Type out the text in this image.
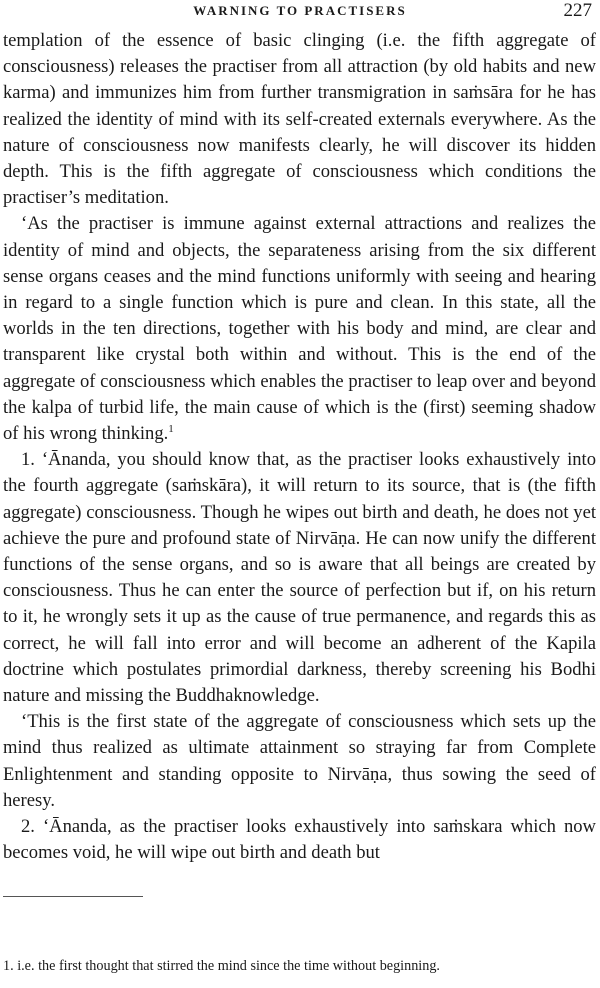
WARNING TO PRACTISERS	227

templation of the essence of basic clinging (i.e. the fifth aggregate of consciousness) releases the practiser from all attraction (by old habits and new karma) and immunizes him from further transmigration in saṁsāra for he has realized the identity of mind with its self-created externals everywhere. As the nature of consciousness now manifests clearly, he will discover its hidden depth. This is the fifth aggregate of consciousness which conditions the practiser’s meditation.

‘As the practiser is immune against external attractions and realizes the identity of mind and objects, the separateness arising from the six different sense organs ceases and the mind functions uniformly with seeing and hearing in regard to a single function which is pure and clean. In this state, all the worlds in the ten directions, together with his body and mind, are clear and transparent like crystal both within and without. This is the end of the aggregate of consciousness which enables the practiser to leap over and beyond the kalpa of turbid life, the main cause of which is the (first) seeming shadow of his wrong thinking.$^1$

1. ‘Ānanda, you should know that, as the practiser looks exhaustively into the fourth aggregate (saṁskāra), it will return to its source, that is (the fifth aggregate) consciousness. Though he wipes out birth and death, he does not yet achieve the pure and profound state of Nirvāṇa. He can now unify the different functions of the sense organs, and so is aware that all beings are created by consciousness. Thus he can enter the source of perfection but if, on his return to it, he wrongly sets it up as the cause of true permanence, and regards this as correct, he will fall into error and will become an adherent of the Kapila doctrine which postulates primordial darkness, thereby screening his Bodhi nature and missing the Buddhaknowledge.

‘This is the first state of the aggregate of consciousness which sets up the mind thus realized as ultimate attainment so straying far from Complete Enlightenment and standing opposite to Nirvāṇa, thus sowing the seed of heresy.

2. ‘Ānanda, as the practiser looks exhaustively into saṁskara which now becomes void, he will wipe out birth and death but

1. i.e. the first thought that stirred the mind since the time without beginning.
